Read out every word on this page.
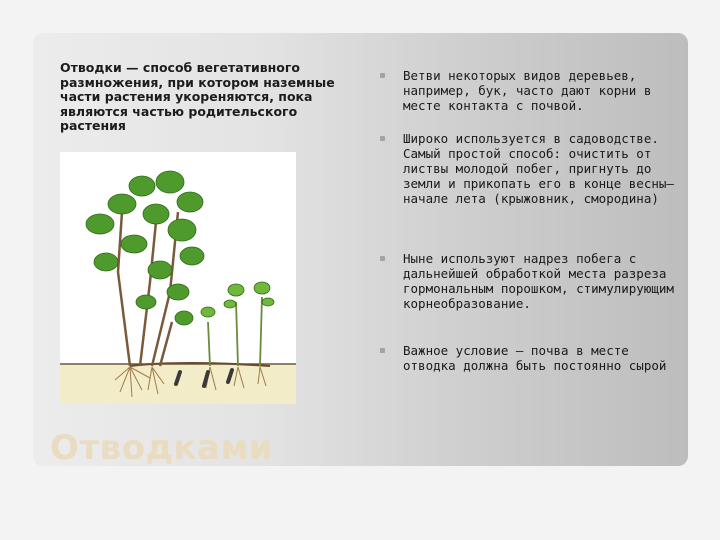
Отводки — способ вегетативного размножения, при котором наземные части растения укореняются, пока являются частью родительского растения

Отводками
Ветви некоторых видов деревьев, например, бук, часто дают корни в месте контакта с почвой.
Широко используется в садоводстве. Самый простой способ: очистить от листвы молодой побег, пригнуть до земли и прикопать его в конце весны—начале лета (крыжовник, смородина)
Ныне используют надрез побега с дальнейшей обработкой места разреза гормональным порошком, стимулирующим корнеобразование.
Важное условие — почва в месте отводка должна быть постоянно сырой
